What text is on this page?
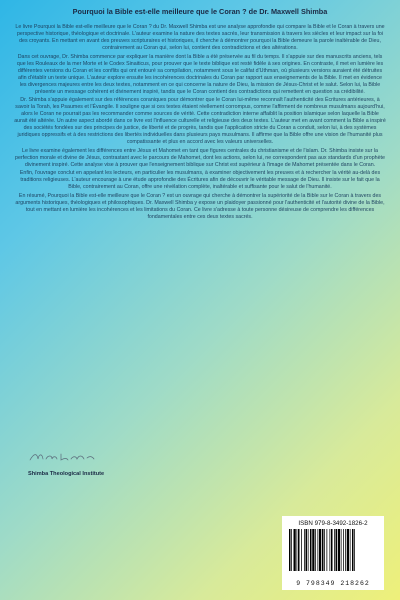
Pourquoi la Bible est-elle meilleure que le Coran ? de Dr. Maxwell Shimba

Le livre Pourquoi la Bible est-elle meilleure que le Coran ? du Dr. Maxwell Shimba est une analyse approfondie qui compare la Bible et le Coran à travers une perspective historique, théologique et doctrinale. L'auteur examine la nature des textes sacrés, leur transmission à travers les siècles et leur impact sur la foi des croyants. En mettant en avant des preuves scripturaires et historiques, il cherche à démontrer pourquoi la Bible demeure la parole inaltérable de Dieu, contrairement au Coran qui, selon lui, contient des contradictions et des altérations.

Dans cet ouvrage, Dr. Shimba commence par expliquer la manière dont la Bible a été préservée au fil du temps. Il s'appuie sur des manuscrits anciens, tels que les Rouleaux de la mer Morte et le Codex Sinaiticus, pour prouver que le texte biblique est resté fidèle à ses origines. En contraste, il met en lumière les différentes versions du Coran et les conflits qui ont entouré sa compilation, notamment sous le califat d'Uthman, où plusieurs versions auraient été détruites afin d'établir un texte unique. L'auteur explore ensuite les incohérences doctrinales du Coran par rapport aux enseignements de la Bible. Il met en évidence les divergences majeures entre les deux textes, notamment en ce qui concerne la nature de Dieu, la mission de Jésus-Christ et le salut. Selon lui, la Bible présente un message cohérent et divinement inspiré, tandis que le Coran contient des contradictions qui remettent en question sa crédibilité.

Dr. Shimba s'appuie également sur des références coraniques pour démontrer que le Coran lui-même reconnaît l'authenticité des Écritures antérieures, à savoir la Torah, les Psaumes et l'Évangile. Il souligne que si ces textes étaient réellement corrompus, comme l'affirment de nombreux musulmans aujourd'hui, alors le Coran ne pourrait pas les recommander comme sources de vérité. Cette contradiction interne affaiblit la position islamique selon laquelle la Bible aurait été altérée. Un autre aspect abordé dans ce livre est l'influence culturelle et religieuse des deux textes. L'auteur met en avant comment la Bible a inspiré des sociétés fondées sur des principes de justice, de liberté et de progrès, tandis que l'application stricte du Coran a conduit, selon lui, à des systèmes juridiques oppressifs et à des restrictions des libertés individuelles dans plusieurs pays musulmans. Il affirme que la Bible offre une vision de l'humanité plus compatissante et plus en accord avec les valeurs universelles.

Le livre examine également les différences entre Jésus et Mahomet en tant que figures centrales du christianisme et de l'islam. Dr. Shimba insiste sur la perfection morale et divine de Jésus, contrastant avec le parcours de Mahomet, dont les actions, selon lui, ne correspondent pas aux standards d'un prophète divinement inspiré. Cette analyse vise à prouver que l'enseignement biblique sur Christ est supérieur à l'image de Mahomet présentée dans le Coran.

Enfin, l'ouvrage conclut en appelant les lecteurs, en particulier les musulmans, à examiner objectivement les preuves et à rechercher la vérité au-delà des traditions religieuses. L'auteur encourage à une étude approfondie des Écritures afin de découvrir le véritable message de Dieu. Il insiste sur le fait que la Bible, contrairement au Coran, offre une révélation complète, inaltérable et suffisante pour le salut de l'humanité.

En résumé, Pourquoi la Bible est-elle meilleure que le Coran ? est un ouvrage qui cherche à démontrer la supériorité de la Bible sur le Coran à travers des arguments historiques, théologiques et philosophiques. Dr. Maxwell Shimba y expose un plaidoyer passionné pour l'authenticité et l'autorité divine de la Bible, tout en mettant en lumière les incohérences et les limitations du Coran. Ce livre s'adresse à toute personne désireuse de comprendre les différences fondamentales entre ces deux textes sacrés.

Shimba Theological Institute
ISBN 979-8-3492-1826-2
9 798349 218262
